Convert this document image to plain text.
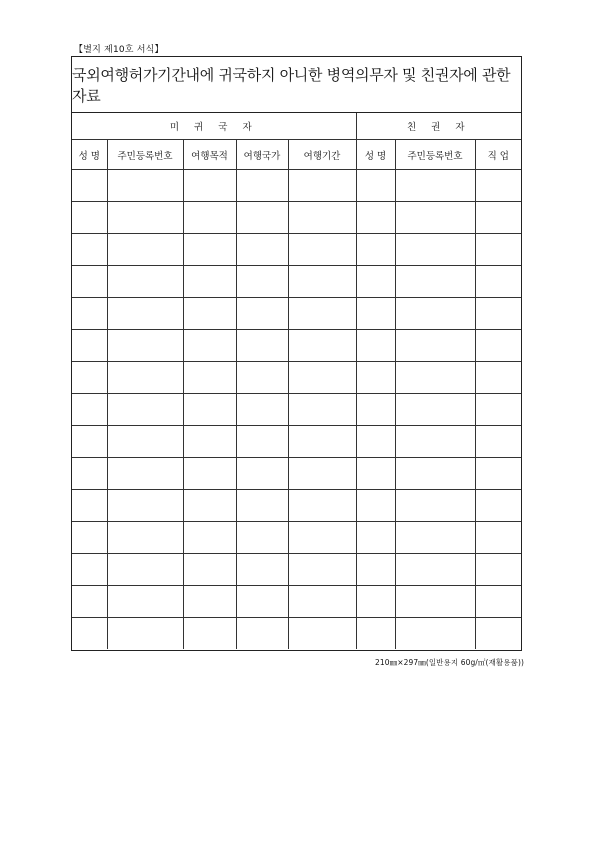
【별지 제10호 서식】
국외여행허가기간내에 귀국하지 아니한 병역의무자 및 친권자에 관한 자료
미 귀 국 자					친 권 자		
성 명	주민등록번호	여행목적	여행국가	여행기간	성 명	주민등록번호	직 업

210㎜×297㎜(일반용지 60g/㎡(재활용품))
